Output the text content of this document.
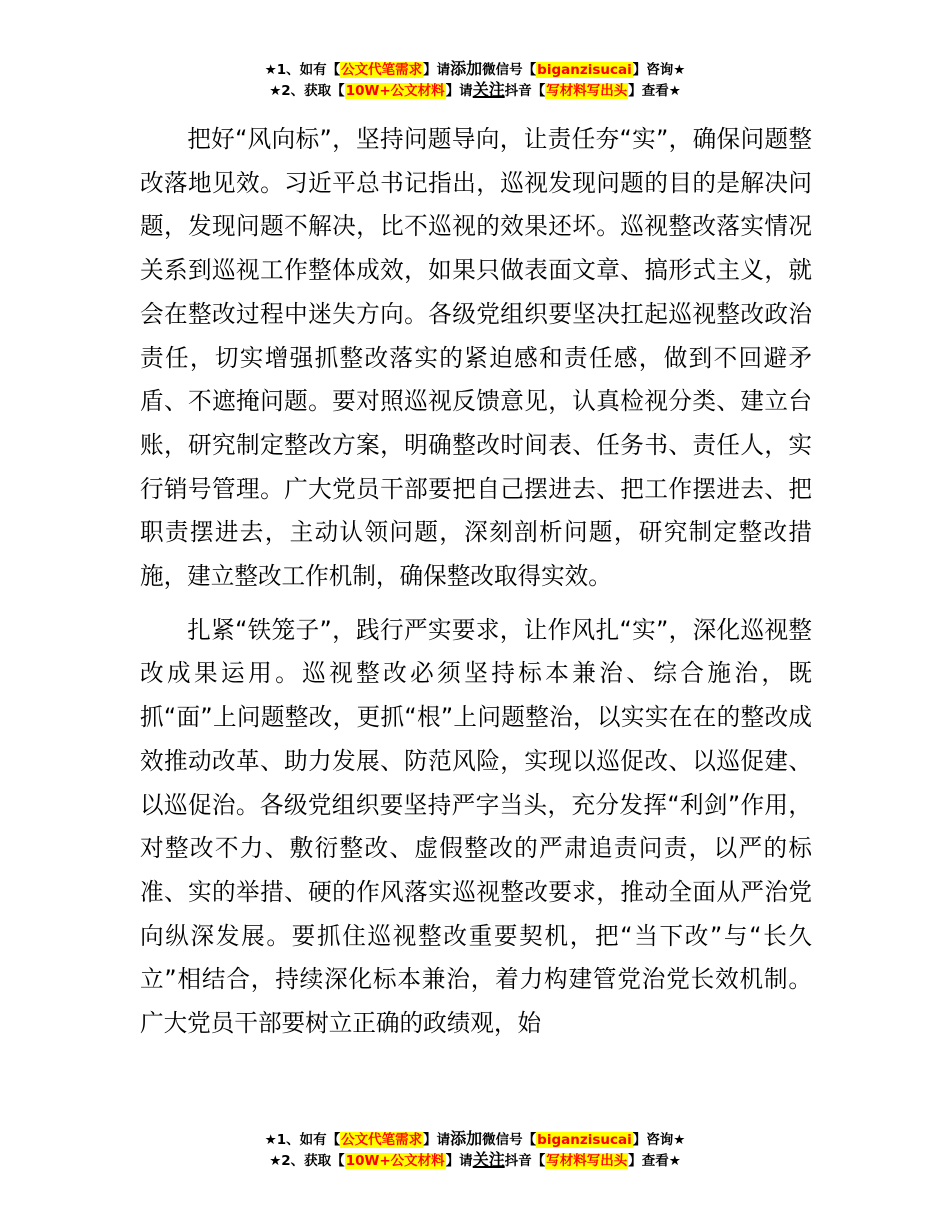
★1、如有【公文代笔需求】请添加微信号【biganzisucai】咨询★
★2、获取【10W+公文材料】请关注抖音【写材料写出头】查看★

把好“风向标”，坚持问题导向，让责任夯“实”，确保问题整改落地见效。习近平总书记指出，巡视发现问题的目的是解决问题，发现问题不解决，比不巡视的效果还坏。巡视整改落实情况关系到巡视工作整体成效，如果只做表面文章、搞形式主义，就会在整改过程中迷失方向。各级党组织要坚决扛起巡视整改政治责任，切实增强抓整改落实的紧迫感和责任感，做到不回避矛盾、不遮掩问题。要对照巡视反馈意见，认真检视分类、建立台账，研究制定整改方案，明确整改时间表、任务书、责任人，实行销号管理。广大党员干部要把自己摆进去、把工作摆进去、把职责摆进去，主动认领问题，深刻剖析问题，研究制定整改措施，建立整改工作机制，确保整改取得实效。

扎紧“铁笼子”，践行严实要求，让作风扎“实”，深化巡视整改成果运用。巡视整改必须坚持标本兼治、综合施治，既抓“面”上问题整改，更抓“根”上问题整治，以实实在在的整改成效推动改革、助力发展、防范风险，实现以巡促改、以巡促建、以巡促治。各级党组织要坚持严字当头，充分发挥“利剑”作用，对整改不力、敷衍整改、虚假整改的严肃追责问责，以严的标准、实的举措、硬的作风落实巡视整改要求，推动全面从严治党向纵深发展。要抓住巡视整改重要契机，把“当下改”与“长久立”相结合，持续深化标本兼治，着力构建管党治党长效机制。广大党员干部要树立正确的政绩观，始

★1、如有【公文代笔需求】请添加微信号【biganzisucai】咨询★
★2、获取【10W+公文材料】请关注抖音【写材料写出头】查看★
